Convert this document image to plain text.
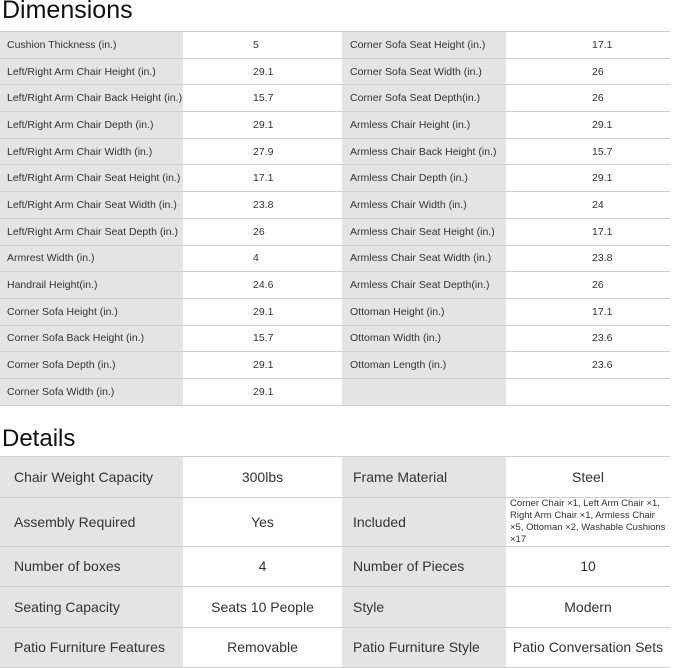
Dimensions
Cushion Thickness (in.)	5	Corner Sofa Seat Height (in.)	17.1
Left/Right Arm Chair Height (in.)	29.1	Corner Sofa Seat Width (in.)	26
Left/Right Arm Chair Back Height (in.)	15.7	Corner Sofa Seat Depth(in.)	26
Left/Right Arm Chair Depth (in.)	29.1	Armless Chair Height (in.)	29.1
Left/Right Arm Chair Width (in.)	27.9	Armless Chair Back Height (in.)	15.7
Left/Right Arm Chair Seat Height (in.)	17.1	Armless Chair Depth (in.)	29.1
Left/Right Arm Chair Seat Width (in.)	23.8	Armless Chair Width (in.)	24
Left/Right Arm Chair Seat Depth (in.)	26	Armless Chair Seat Height (in.)	17.1
Armrest Width (in.)	4	Armless Chair Seat Width (in.)	23.8
Handrail Height(in.)	24.6	Armless Chair Seat Depth(in.)	26
Corner Sofa Height (in.)	29.1	Ottoman Height (in.)	17.1
Corner Sofa Back Height (in.)	15.7	Ottoman Width (in.)	23.6
Corner Sofa Depth (in.)	29.1	Ottoman Length (in.)	23.6
Corner Sofa Width (in.)	29.1		
Details
Chair Weight Capacity	300lbs	Frame Material	Steel
Assembly Required	Yes	Included	Corner Chair ×1, Left Arm Chair ×1, Right Arm Chair ×1, Armless Chair ×5, Ottoman ×2, Washable Cushions ×17
Number of boxes	4	Number of Pieces	10
Seating Capacity	Seats 10 People	Style	Modern
Patio Furniture Features	Removable	Patio Furniture Style	Patio Conversation Sets
